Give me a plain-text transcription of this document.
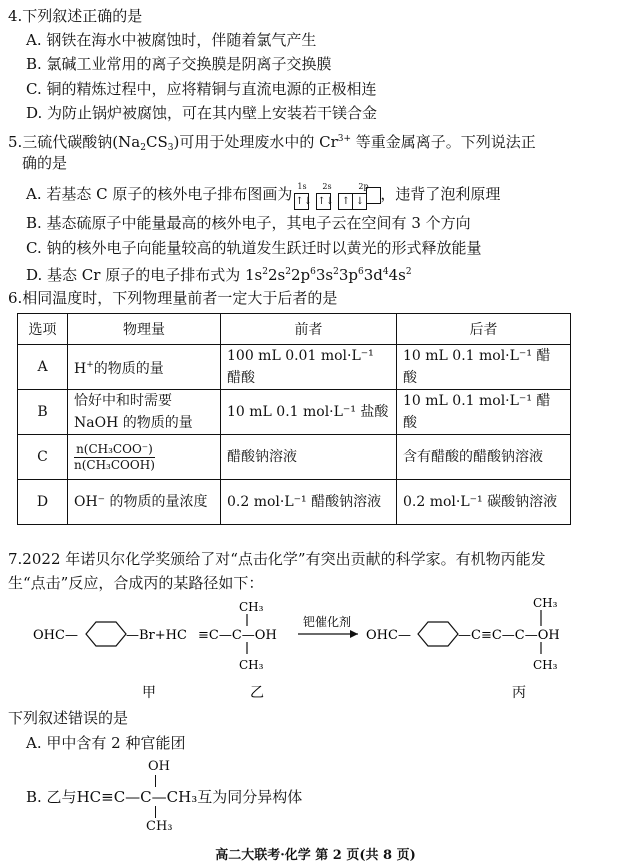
4.下列叙述正确的是
A. 钢铁在海水中被腐蚀时，伴随着氯气产生
B. 氯碱工业常用的离子交换膜是阴离子交换膜
C. 铜的精炼过程中，应将精铜与直流电源的正极相连
D. 为防止锅炉被腐蚀，可在其内壁上安装若干镁合金
5.三硫代碳酸钠$(Na_2CS_3)$可用于处理废水中的 $Cr^{3+}$ 等重金属离子。下列说法正
确的是
A. 若基态 C 原子的核外电子排布图画为 1s 2s	2p
↑↓ ↑↓ ↑ ↓ ，违背了泡利原理
B. 基态硫原子中能量最高的核外电子，其电子云在空间有 3 个方向
C. 钠的核外电子向能量较高的轨道发生跃迁时以黄光的形式释放能量
D. 基态 Cr 原子的电子排布式为 $1s^22s^22p^63s^23p^63d^44s^2$
6.相同温度时，下列物理量前者一定大于后者的是
选项	物理量	前者	后者
A	H+的物质的量	100 mL 0.01 mol·L⁻¹ 醋酸	10 mL 0.1 mol·L⁻¹ 醋酸
B	恰好中和时需要 NaOH 的物质的量	10 mL 0.1 mol·L⁻¹ 盐酸	10 mL 0.1 mol·L⁻¹ 醋酸
C	$\frac{\text{n(CH₃COO⁻)}}{\text{n(CH₃COOH)}}$	醋酸钠溶液	含有醋酸的醋酸钠溶液
D	OH⁻ 的物质的量浓度	0.2 mol·L⁻¹ 醋酸钠溶液	0.2 mol·L⁻¹ 碳酸钠溶液
7.2022 年诺贝尔化学奖颁给了对“点击化学”有突出贡献的科学家。有机物丙能发
生“点击”反应，合成丙的某路径如下：
OHC—	—Br+HC ≡C—C—OH
CH₃
CH₃
钯催化剂
OHC—	—C≡C—C—OH
CH₃
CH₃
甲	乙	丙
下列叙述错误的是
A. 甲中含有 2 种官能团
B. 乙与HC≡C—C—CH₃互为同分异构体
OH
CH₃
高二大联考·化学 第 2 页(共 8 页)
